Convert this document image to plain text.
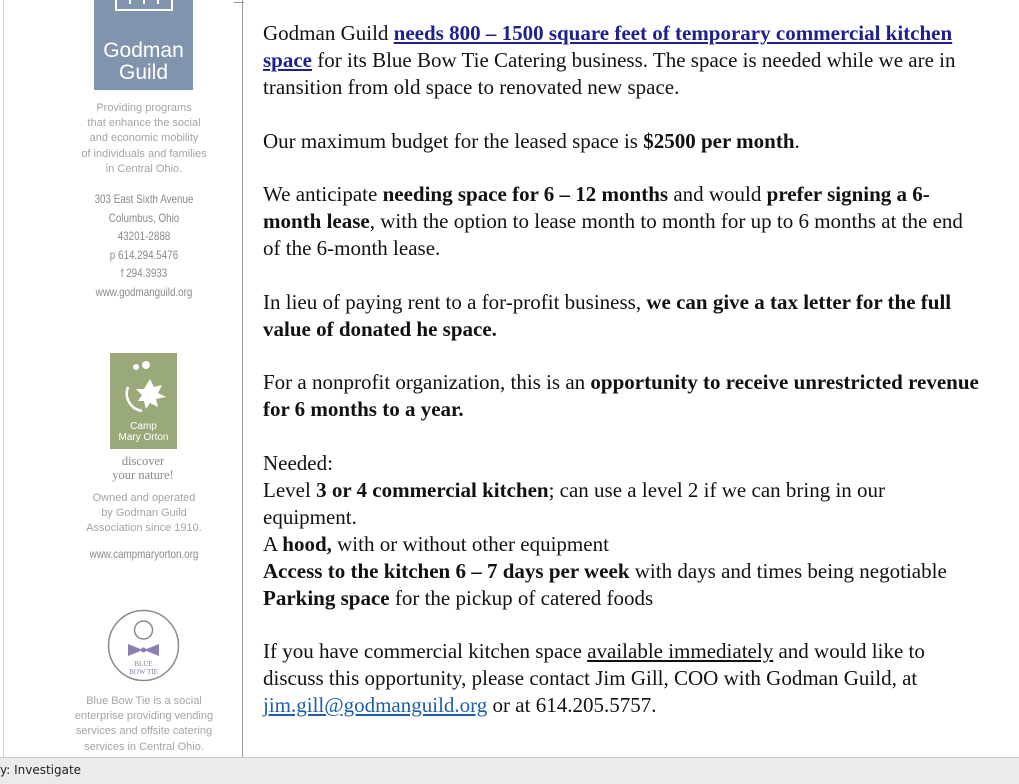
Godman
Guild
Providing programs
that enhance the social
and economic mobility
of individuals and families
in Central Ohio.
303 East Sixth Avenue
Columbus, Ohio
43201-2888
p 614.294.5476
f 294.3933
www.godmanguild.org
Camp
Mary Orton
discover
your nature!
Owned and operated
by Godman Guild
Association since 1910.
www.campmaryorton.org
BLUE
BOW TIE
Blue Bow Tie is a social
enterprise providing vending
services and offsite catering
services in Central Ohio.

Godman Guild needs 800 – 1500 square feet of temporary commercial kitchen space for its Blue Bow Tie Catering business. The space is needed while we are in transition from old space to renovated new space.

Our maximum budget for the leased space is $2500 per month.

We anticipate needing space for 6 – 12 months and would prefer signing a 6-month lease, with the option to lease month to month for up to 6 months at the end of the 6-month lease.

In lieu of paying rent to a for-profit business, we can give a tax letter for the full value of donated he space.

For a nonprofit organization, this is an opportunity to receive unrestricted revenue for 6 months to a year.

Needed:

Level 3 or 4 commercial kitchen; can use a level 2 if we can bring in our equipment.

A hood, with or without other equipment

Access to the kitchen 6 – 7 days per week with days and times being negotiable

Parking space for the pickup of catered foods

If you have commercial kitchen space available immediately and would like to discuss this opportunity, please contact Jim Gill, COO with Godman Guild, at jim.gill@godmanguild.org or at 614.205.5757.

y: Investigate
